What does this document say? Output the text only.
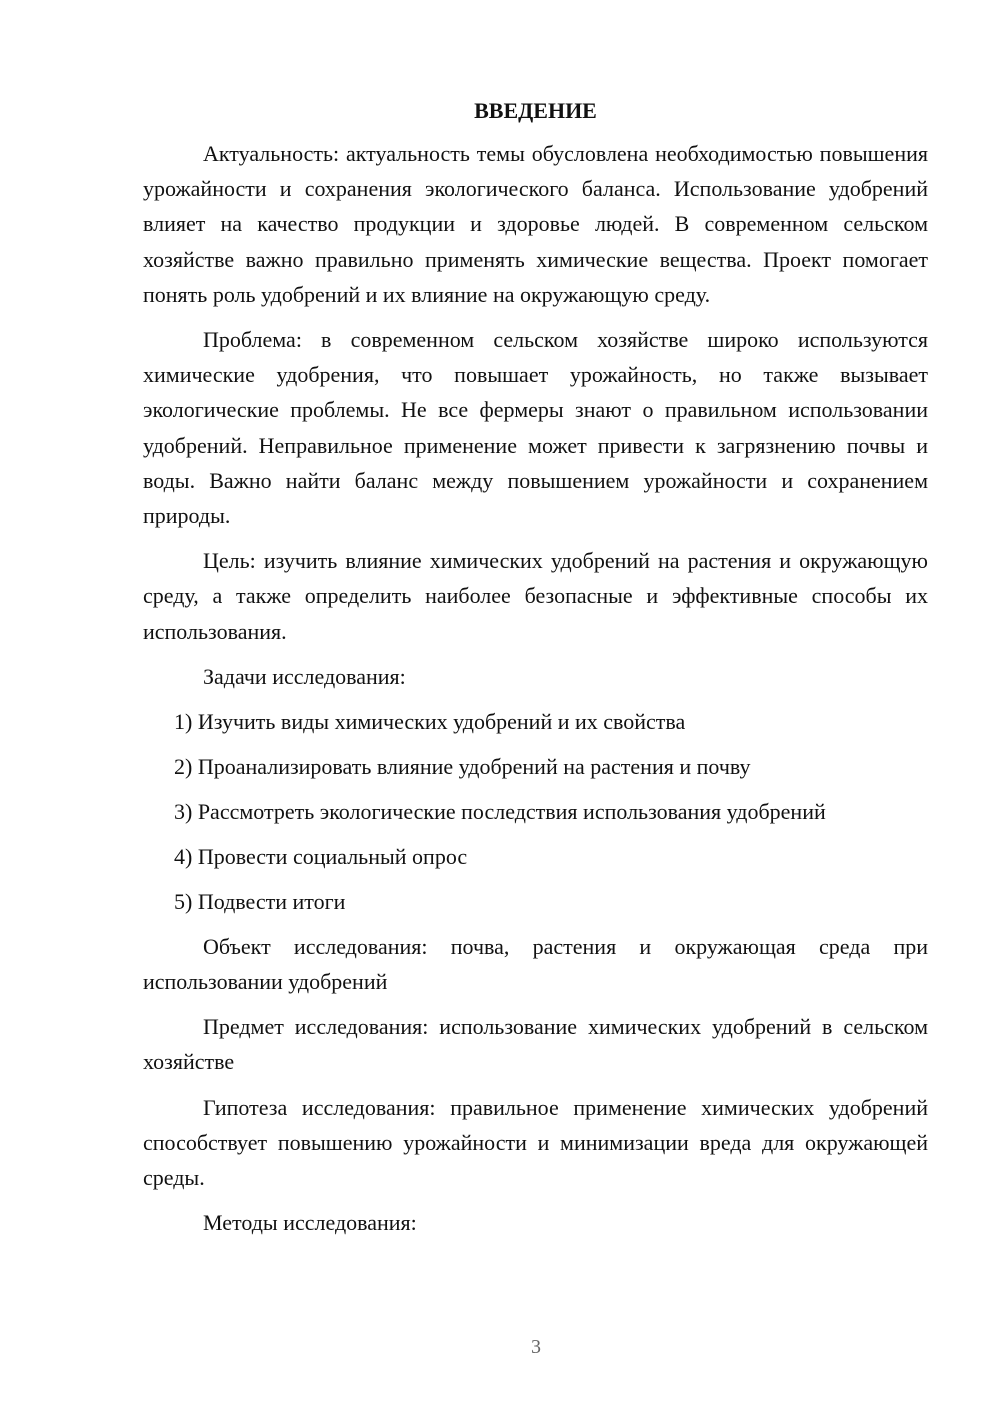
ВВЕДЕНИЕ

Актуальность: актуальность темы обусловлена необходимостью повышения урожайности и сохранения экологического баланса. Использование удобрений влияет на качество продукции и здоровье людей. В современном сельском хозяйстве важно правильно применять химические вещества. Проект помогает понять роль удобрений и их влияние на окружающую среду.

Проблема: в современном сельском хозяйстве широко используются химические удобрения, что повышает урожайность, но также вызывает экологические проблемы. Не все фермеры знают о правильном использовании удобрений. Неправильное применение может привести к загрязнению почвы и воды. Важно найти баланс между повышением урожайности и сохранением природы.

Цель: изучить влияние химических удобрений на растения и окружающую среду, а также определить наиболее безопасные и эффективные способы их использования.

Задачи исследования:

1) Изучить виды химических удобрений и их свойства
2) Проанализировать влияние удобрений на растения и почву
3) Рассмотреть экологические последствия использования удобрений
4) Провести социальный опрос
5) Подвести итоги

Объект исследования: почва, растения и окружающая среда при использовании удобрений

Предмет исследования: использование химических удобрений в сельском хозяйстве

Гипотеза исследования: правильное применение химических удобрений способствует повышению урожайности и минимизации вреда для окружающей среды.

Методы исследования:

3
